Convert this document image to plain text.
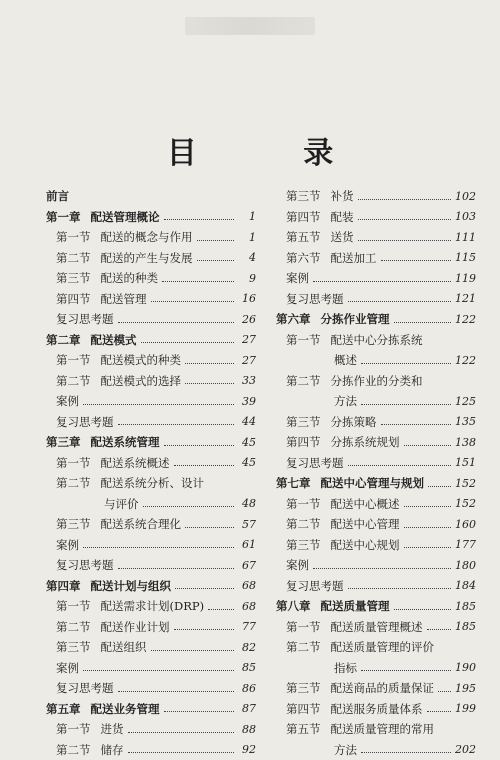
目 录
前言
第一章 配送管理概论	1
第一节 配送的概念与作用	1
第二节 配送的产生与发展	4
第三节 配送的种类	9
第四节 配送管理	16
复习思考题	26
第二章 配送模式	27
第一节 配送模式的种类	27
第二节 配送模式的选择	33
案例	39
复习思考题	44
第三章 配送系统管理	45
第一节 配送系统概述	45
第二节 配送系统分析、设计
与评价	48
第三节 配送系统合理化	57
案例	61
复习思考题	67
第四章 配送计划与组织	68
第一节 配送需求计划(DRP)	68
第二节 配送作业计划	77
第三节 配送组织	82
案例	85
复习思考题	86
第五章 配送业务管理	87
第一节 进货	88
第二节 储存	92
第三节 补货	102
第四节 配装	103
第五节 送货	111
第六节 配送加工	115
案例	119
复习思考题	121
第六章 分拣作业管理	122
第一节 配送中心分拣系统
概述	122
第二节 分拣作业的分类和
方法	125
第三节 分拣策略	135
第四节 分拣系统规划	138
复习思考题	151
第七章 配送中心管理与规划	152
第一节 配送中心概述	152
第二节 配送中心管理	160
第三节 配送中心规划	177
案例	180
复习思考题	184
第八章 配送质量管理	185
第一节 配送质量管理概述	185
第二节 配送质量管理的评价
指标	190
第三节 配送商品的质量保证 195
第四节 配送服务质量体系	199
第五节 配送质量管理的常用
方法	202
